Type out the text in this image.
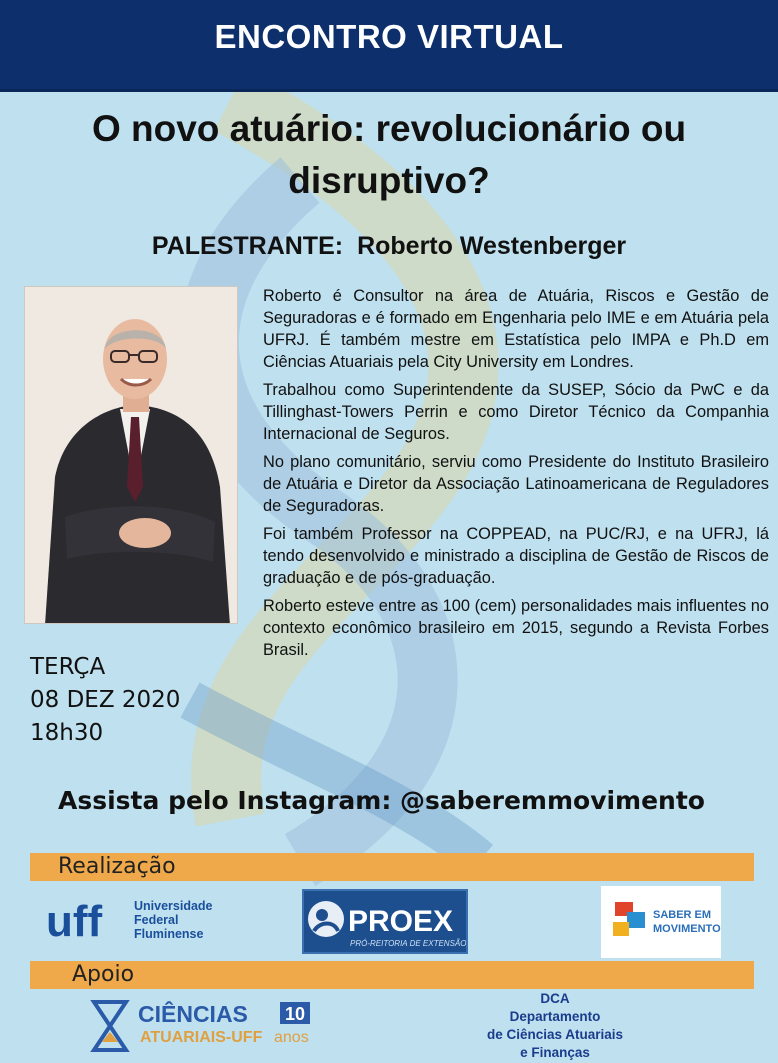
ENCONTRO VIRTUAL
O novo atuário: revolucionário ou
disruptivo?
PALESTRANTE: Roberto Westenberger

Roberto é Consultor na área de Atuária, Riscos e Gestão de Seguradoras e é formado em Engenharia pelo IME e em Atuária pela UFRJ. É também mestre em Estatística pelo IMPA e Ph.D em Ciências Atuariais pela City University em Londres.

Trabalhou como Superintendente da SUSEP, Sócio da PwC e da Tillinghast-Towers Perrin e como Diretor Técnico da Companhia Internacional de Seguros.

No plano comunitário, serviu como Presidente do Instituto Brasileiro de Atuária e Diretor da Associação Latinoamericana de Reguladores de Seguradoras.

Foi também Professor na COPPEAD, na PUC/RJ, e na UFRJ, lá tendo desenvolvido e ministrado a disciplina de Gestão de Riscos de graduação e de pós-graduação.

Roberto esteve entre as 100 (cem) personalidades mais influentes no contexto econômico brasileiro em 2015, segundo a Revista Forbes Brasil.

TERÇA
08 DEZ 2020
18h30
Assista pelo Instagram: @saberemmovimento
Realização
uff	Universidade
Federal
Fluminense	PROEX
PRÓ-REITORIA DE EXTENSÃO
SABER EM
MOVIMENTO
Apoio
CIÊNCIAS
ATUARIAIS-UFF
10
anos
DCA
Departamento
de Ciências Atuariais
e Finanças
